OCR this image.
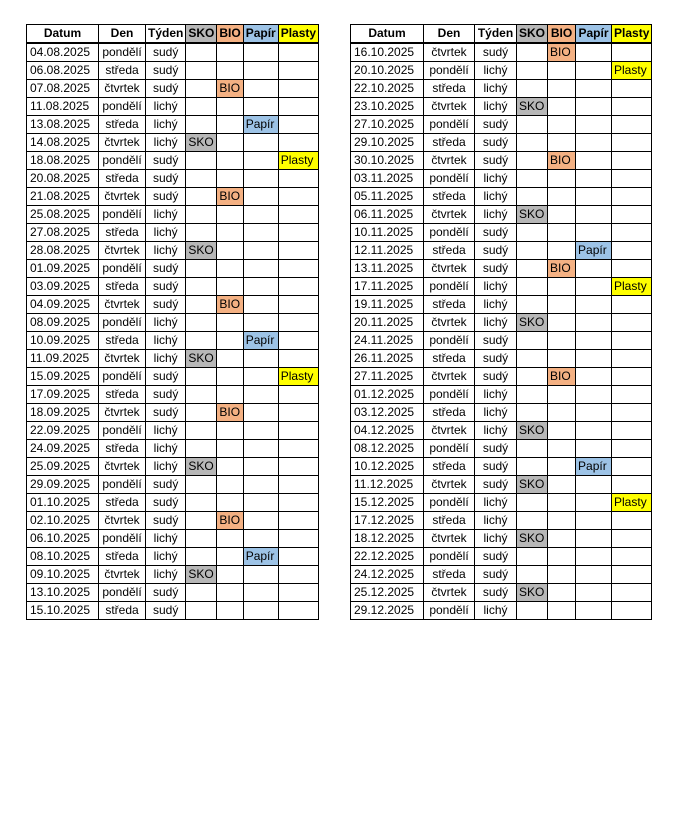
Datum	Den	Týden	SKO	BIO	Papír	Plasty
04.08.2025	pondělí	sudý				
06.08.2025	středa	sudý				
07.08.2025	čtvrtek	sudý		BIO		
11.08.2025	pondělí	lichý				
13.08.2025	středa	lichý			Papír	
14.08.2025	čtvrtek	lichý	SKO			
18.08.2025	pondělí	sudý				Plasty
20.08.2025	středa	sudý				
21.08.2025	čtvrtek	sudý		BIO		
25.08.2025	pondělí	lichý				
27.08.2025	středa	lichý				
28.08.2025	čtvrtek	lichý	SKO			
01.09.2025	pondělí	sudý				
03.09.2025	středa	sudý				
04.09.2025	čtvrtek	sudý		BIO		
08.09.2025	pondělí	lichý				
10.09.2025	středa	lichý			Papír	
11.09.2025	čtvrtek	lichý	SKO			
15.09.2025	pondělí	sudý				Plasty
17.09.2025	středa	sudý				
18.09.2025	čtvrtek	sudý		BIO		
22.09.2025	pondělí	lichý				
24.09.2025	středa	lichý				
25.09.2025	čtvrtek	lichý	SKO			
29.09.2025	pondělí	sudý				
01.10.2025	středa	sudý				
02.10.2025	čtvrtek	sudý		BIO		
06.10.2025	pondělí	lichý				
08.10.2025	středa	lichý			Papír	
09.10.2025	čtvrtek	lichý	SKO			
13.10.2025	pondělí	sudý				
15.10.2025	středa	sudý				
Datum	Den	Týden	SKO	BIO	Papír	Plasty
16.10.2025	čtvrtek	sudý		BIO		
20.10.2025	pondělí	lichý				Plasty
22.10.2025	středa	lichý				
23.10.2025	čtvrtek	lichý	SKO			
27.10.2025	pondělí	sudý				
29.10.2025	středa	sudý				
30.10.2025	čtvrtek	sudý		BIO		
03.11.2025	pondělí	lichý				
05.11.2025	středa	lichý				
06.11.2025	čtvrtek	lichý	SKO			
10.11.2025	pondělí	sudý				
12.11.2025	středa	sudý			Papír	
13.11.2025	čtvrtek	sudý		BIO		
17.11.2025	pondělí	lichý				Plasty
19.11.2025	středa	lichý				
20.11.2025	čtvrtek	lichý	SKO			
24.11.2025	pondělí	sudý				
26.11.2025	středa	sudý				
27.11.2025	čtvrtek	sudý		BIO		
01.12.2025	pondělí	lichý				
03.12.2025	středa	lichý				
04.12.2025	čtvrtek	lichý	SKO			
08.12.2025	pondělí	sudý				
10.12.2025	středa	sudý			Papír	
11.12.2025	čtvrtek	sudý	SKO			
15.12.2025	pondělí	lichý				Plasty
17.12.2025	středa	lichý				
18.12.2025	čtvrtek	lichý	SKO			
22.12.2025	pondělí	sudý				
24.12.2025	středa	sudý				
25.12.2025	čtvrtek	sudý	SKO			
29.12.2025	pondělí	lichý				
